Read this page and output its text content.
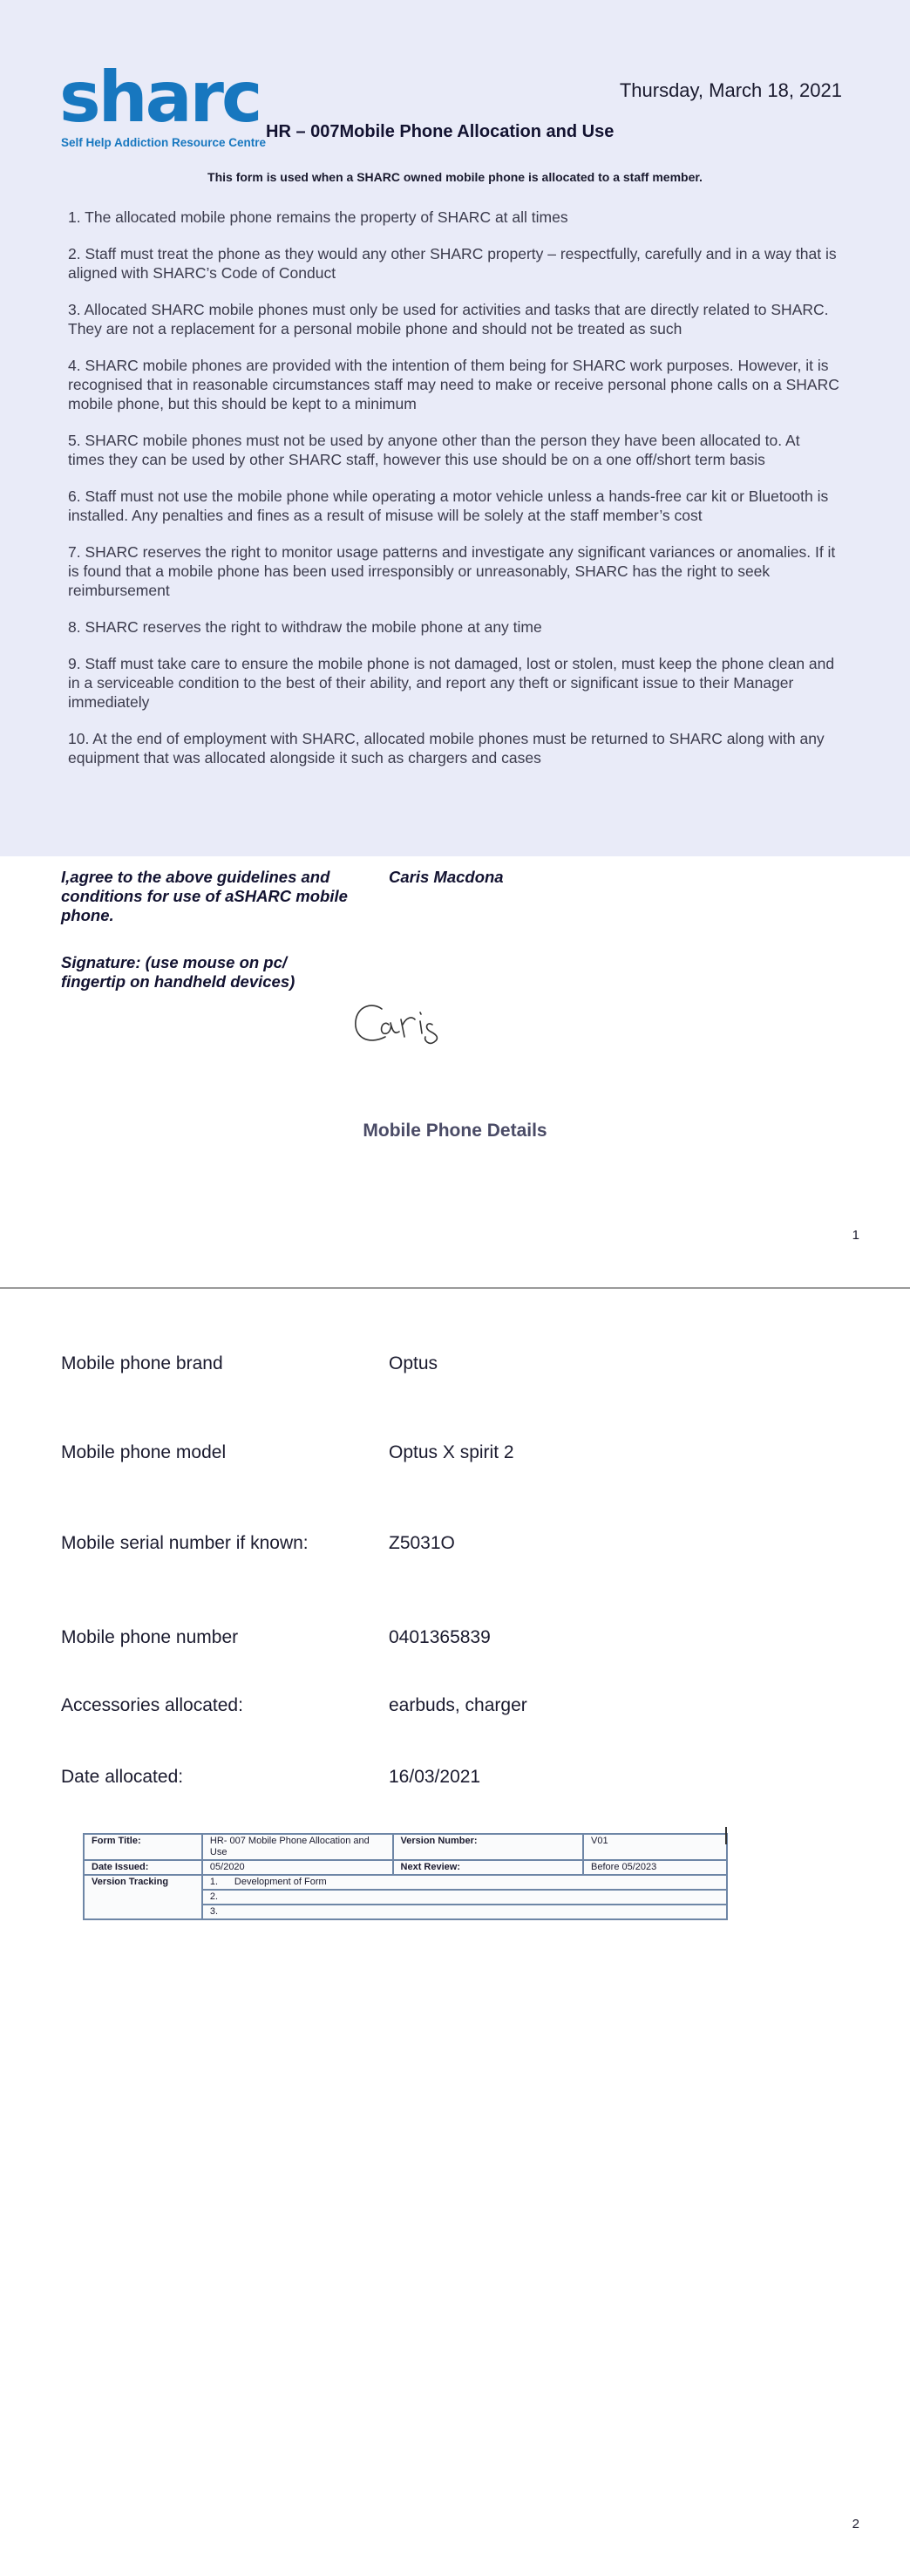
sharc
Self Help Addiction Resource Centre
Thursday, March 18, 2021
HR – 007Mobile Phone Allocation and Use
This form is used when a SHARC owned mobile phone is allocated to a staff member.

1. The allocated mobile phone remains the property of SHARC at all times

2. Staff must treat the phone as they would any other SHARC property – respectfully, carefully and in a way that is aligned with SHARC’s Code of Conduct

3. Allocated SHARC mobile phones must only be used for activities and tasks that are directly related to SHARC. They are not a replacement for a personal mobile phone and should not be treated as such

4. SHARC mobile phones are provided with the intention of them being for SHARC work purposes. However, it is recognised that in reasonable circumstances staff may need to make or receive personal phone calls on a SHARC mobile phone, but this should be kept to a minimum

5. SHARC mobile phones must not be used by anyone other than the person they have been allocated to. At times they can be used by other SHARC staff, however this use should be on a one off/short term basis

6. Staff must not use the mobile phone while operating a motor vehicle unless a hands-free car kit or Bluetooth is installed. Any penalties and fines as a result of misuse will be solely at the staff member’s cost

7. SHARC reserves the right to monitor usage patterns and investigate any significant variances or anomalies. If it is found that a mobile phone has been used irresponsibly or unreasonably, SHARC has the right to seek reimbursement

8. SHARC reserves the right to withdraw the mobile phone at any time

9. Staff must take care to ensure the mobile phone is not damaged, lost or stolen, must keep the phone clean and in a serviceable condition to the best of their ability, and report any theft or significant issue to their Manager immediately

10. At the end of employment with SHARC, allocated mobile phones must be returned to SHARC along with any equipment that was allocated alongside it such as chargers and cases

I,agree to the above guidelines and conditions for use of aSHARC mobile phone.
Caris Macdona
Signature: (use mouse on pc/ fingertip on handheld devices)
Mobile Phone Details
1
Mobile phone brand	Optus
Mobile phone model	Optus X spirit 2
Mobile serial number if known:	Z5031O
Mobile phone number	0401365839
Accessories allocated:	earbuds, charger
Date allocated:	16/03/2021
Form Title:	HR- 007 Mobile Phone Allocation and Use	Version Number:	V01
Date Issued:	05/2020	Next Review:	Before 05/2023
Version Tracking	1. Development of Form		
	2.		
	3.		
2
